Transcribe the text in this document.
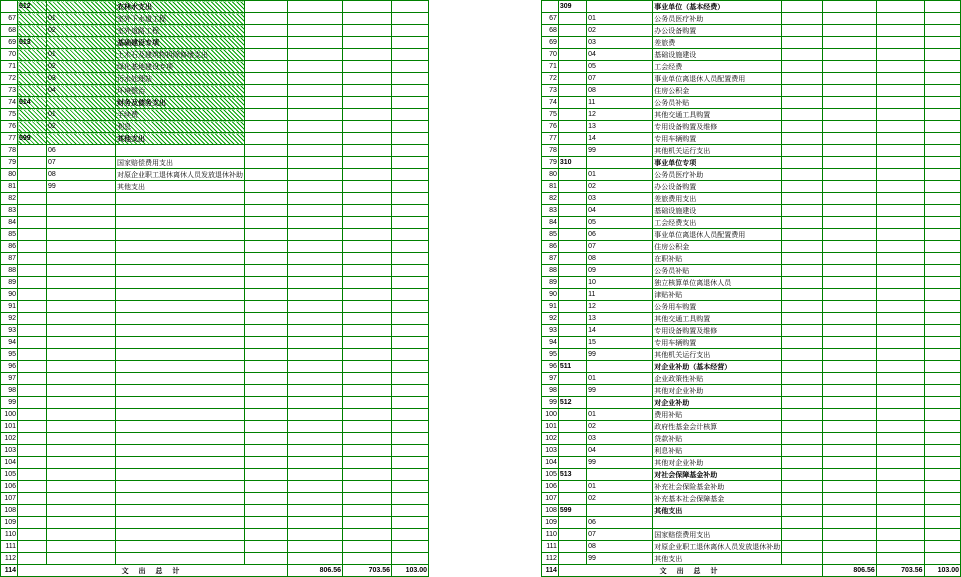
	512		农林水支出				
67		01	室外下水道工程				
68		02	室外道路工程				
69	513		基础建设专项				
70		01	土木石及建筑物拆除修缮支出				
71		02	绿化基地建设专项				
72		03	污水处理站				
73		04	环境整治				
74	514		财务及债务支出				
75		01	手续费				
76		02	利息				
77	599		其他支出				
78		06					
79		07	国家赔偿费用支出				
80		08	对原企业职工退休离休人员发放退休补助				
81		99	其他支出				
82							
83							
84							
85							
86							
87							
88							
89							
90							
91							
92							
93							
94							
95							
96							
97							
98							
99							
100							
101							
102							
103							
104							
105							
106							
107							
108							
109							
110							
111							
112							
114	文 出 总 计				806.56	703.56	103.00
	309		事业单位（基本经费）				
67		01	公务员医疗补助				
68		02	办公设备购置				
69		03	差旅费				
70		04	基础设施建设				
71		05	工会经费				
72		07	事业单位离退休人员配置费用				
73		08	住房公积金				
74		11	公务员补贴				
75		12	其他交通工具购置				
76		13	专用设备购置及维修				
77		14	专用车辆购置				
78		99	其他机关运行支出				
79	310		事业单位专项				
80		01	公务员医疗补助				
81		02	办公设备购置				
82		03	差旅费用支出				
83		04	基础设施建设				
84		05	工会经费支出				
85		06	事业单位离退休人员配置费用				
86		07	住房公积金				
87		08	在职补贴				
88		09	公务员补贴				
89		10	独立核算单位离退休人员				
90		11	津贴补贴				
91		12	公务用车购置				
92		13	其他交通工具购置				
93		14	专用设备购置及维修				
94		15	专用车辆购置				
95		99	其他机关运行支出				
96	511		对企业补助（基本经营）				
97		01	企业政策性补贴				
98		99	其他对企业补助				
99	512		对企业补助				
100		01	费用补贴				
101		02	政府性基金会计核算				
102		03	贷款补贴				
103		04	利息补贴				
104		99	其他对企业补助				
105	513		对社会保障基金补助				
106		01	补充社会保险基金补助				
107		02	补充基本社会保障基金				
108	599		其他支出				
109		06					
110		07	国家赔偿费用支出				
111		08	对原企业职工退休离休人员发放退休补助				
112		99	其他支出				
114	文 出 总 计				806.56	703.56	103.00
